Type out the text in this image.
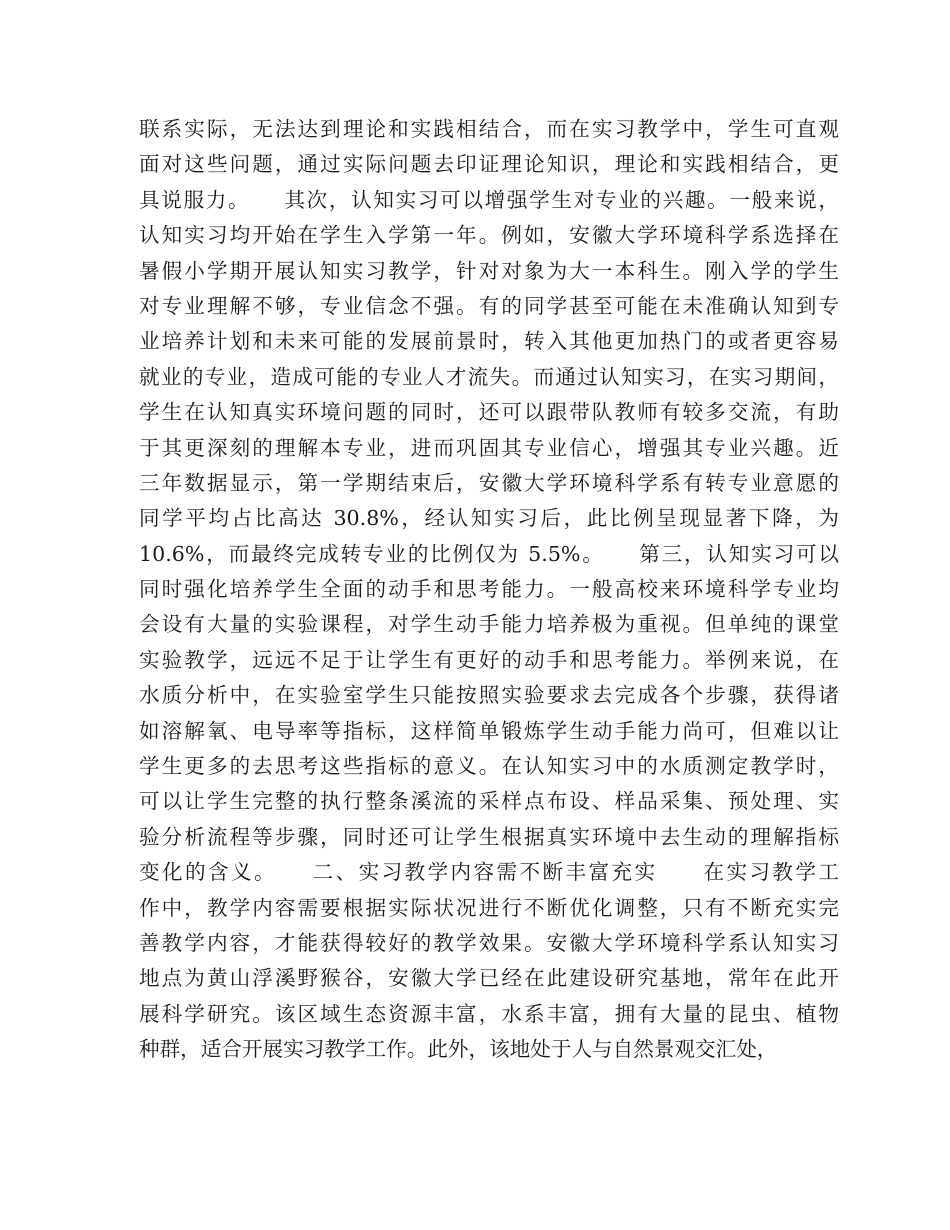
联系实际，无法达到理论和实践相结合，而在实习教学中，学生可直观
面对这些问题，通过实际问题去印证理论知识，理论和实践相结合，更
具说服力。　　其次，认知实习可以增强学生对专业的兴趣。一般来说，
认知实习均开始在学生入学第一年。例如，安徽大学环境科学系选择在
暑假小学期开展认知实习教学，针对对象为大一本科生。刚入学的学生
对专业理解不够，专业信念不强。有的同学甚至可能在未准确认知到专
业培养计划和未来可能的发展前景时，转入其他更加热门的或者更容易
就业的专业，造成可能的专业人才流失。而通过认知实习，在实习期间，
学生在认知真实环境问题的同时，还可以跟带队教师有较多交流，有助
于其更深刻的理解本专业，进而巩固其专业信心，增强其专业兴趣。近
三年数据显示，第一学期结束后，安徽大学环境科学系有转专业意愿的
同学平均占比高达 30.8%，经认知实习后，此比例呈现显著下降，为
10.6%，而最终完成转专业的比例仅为 5.5%。　　第三，认知实习可以
同时强化培养学生全面的动手和思考能力。一般高校来环境科学专业均
会设有大量的实验课程，对学生动手能力培养极为重视。但单纯的课堂
实验教学，远远不足于让学生有更好的动手和思考能力。举例来说，在
水质分析中，在实验室学生只能按照实验要求去完成各个步骤，获得诸
如溶解氧、电导率等指标，这样简单锻炼学生动手能力尚可，但难以让
学生更多的去思考这些指标的意义。在认知实习中的水质测定教学时，
可以让学生完整的执行整条溪流的采样点布设、样品采集、预处理、实
验分析流程等步骤，同时还可让学生根据真实环境中去生动的理解指标
变化的含义。　　二、实习教学内容需不断丰富充实　　在实习教学工
作中，教学内容需要根据实际状况进行不断优化调整，只有不断充实完
善教学内容，才能获得较好的教学效果。安徽大学环境科学系认知实习
地点为黄山浮溪野猴谷，安徽大学已经在此建设研究基地，常年在此开
展科学研究。该区域生态资源丰富，水系丰富，拥有大量的昆虫、植物
种群，适合开展实习教学工作。此外，该地处于人与自然景观交汇处，
